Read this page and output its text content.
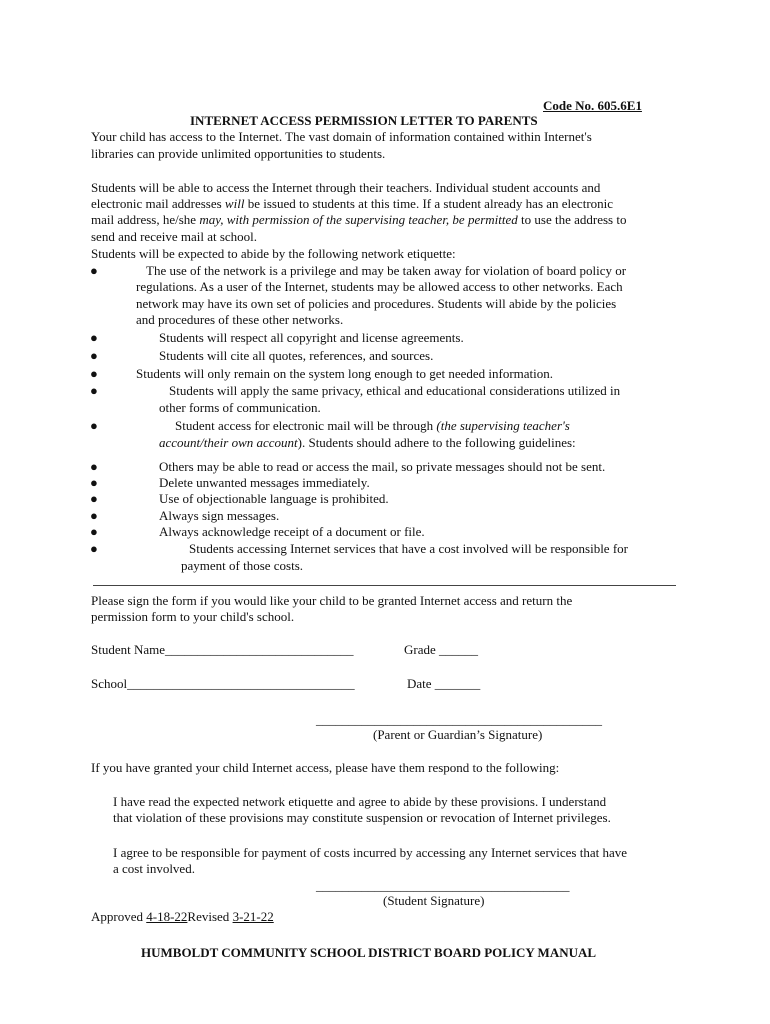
Code No. 605.6E1
INTERNET ACCESS PERMISSION LETTER TO PARENTS
Your child has access to the Internet. The vast domain of information contained within Internet's
libraries can provide unlimited opportunities to students.
Students will be able to access the Internet through their teachers. Individual student accounts and
electronic mail addresses will be issued to students at this time. If a student already has an electronic
mail address, he/she may, with permission of the supervising teacher, be permitted to use the address to
send and receive mail at school.
Students will be expected to abide by the following network etiquette:
●	The use of the network is a privilege and may be taken away for violation of board policy or
regulations. As a user of the Internet, students may be allowed access to other networks. Each
network may have its own set of policies and procedures. Students will abide by the policies
and procedures of these other networks.
●	Students will respect all copyright and license agreements.
●	Students will cite all quotes, references, and sources.
●	Students will only remain on the system long enough to get needed information.
●	Students will apply the same privacy, ethical and educational considerations utilized in
other forms of communication.
●	Student access for electronic mail will be through (the supervising teacher's
account/their own account). Students should adhere to the following guidelines:
●	Others may be able to read or access the mail, so private messages should not be sent.
●	Delete unwanted messages immediately.
●	Use of objectionable language is prohibited.
●	Always sign messages.
●	Always acknowledge receipt of a document or file.
●	Students accessing Internet services that have a cost involved will be responsible for
payment of those costs.
Please sign the form if you would like your child to be granted Internet access and return the
permission form to your child's school.
Student Name_____________________________	Grade ______
School___________________________________	Date _______
____________________________________________
(Parent or Guardian’s Signature)
If you have granted your child Internet access, please have them respond to the following:
I have read the expected network etiquette and agree to abide by these provisions. I understand
that violation of these provisions may constitute suspension or revocation of Internet privileges.
I agree to be responsible for payment of costs incurred by accessing any Internet services that have
a cost involved.
_______________________________________
(Student Signature)
Approved 4-18-22Revised 3-21-22
HUMBOLDT COMMUNITY SCHOOL DISTRICT BOARD POLICY MANUAL
